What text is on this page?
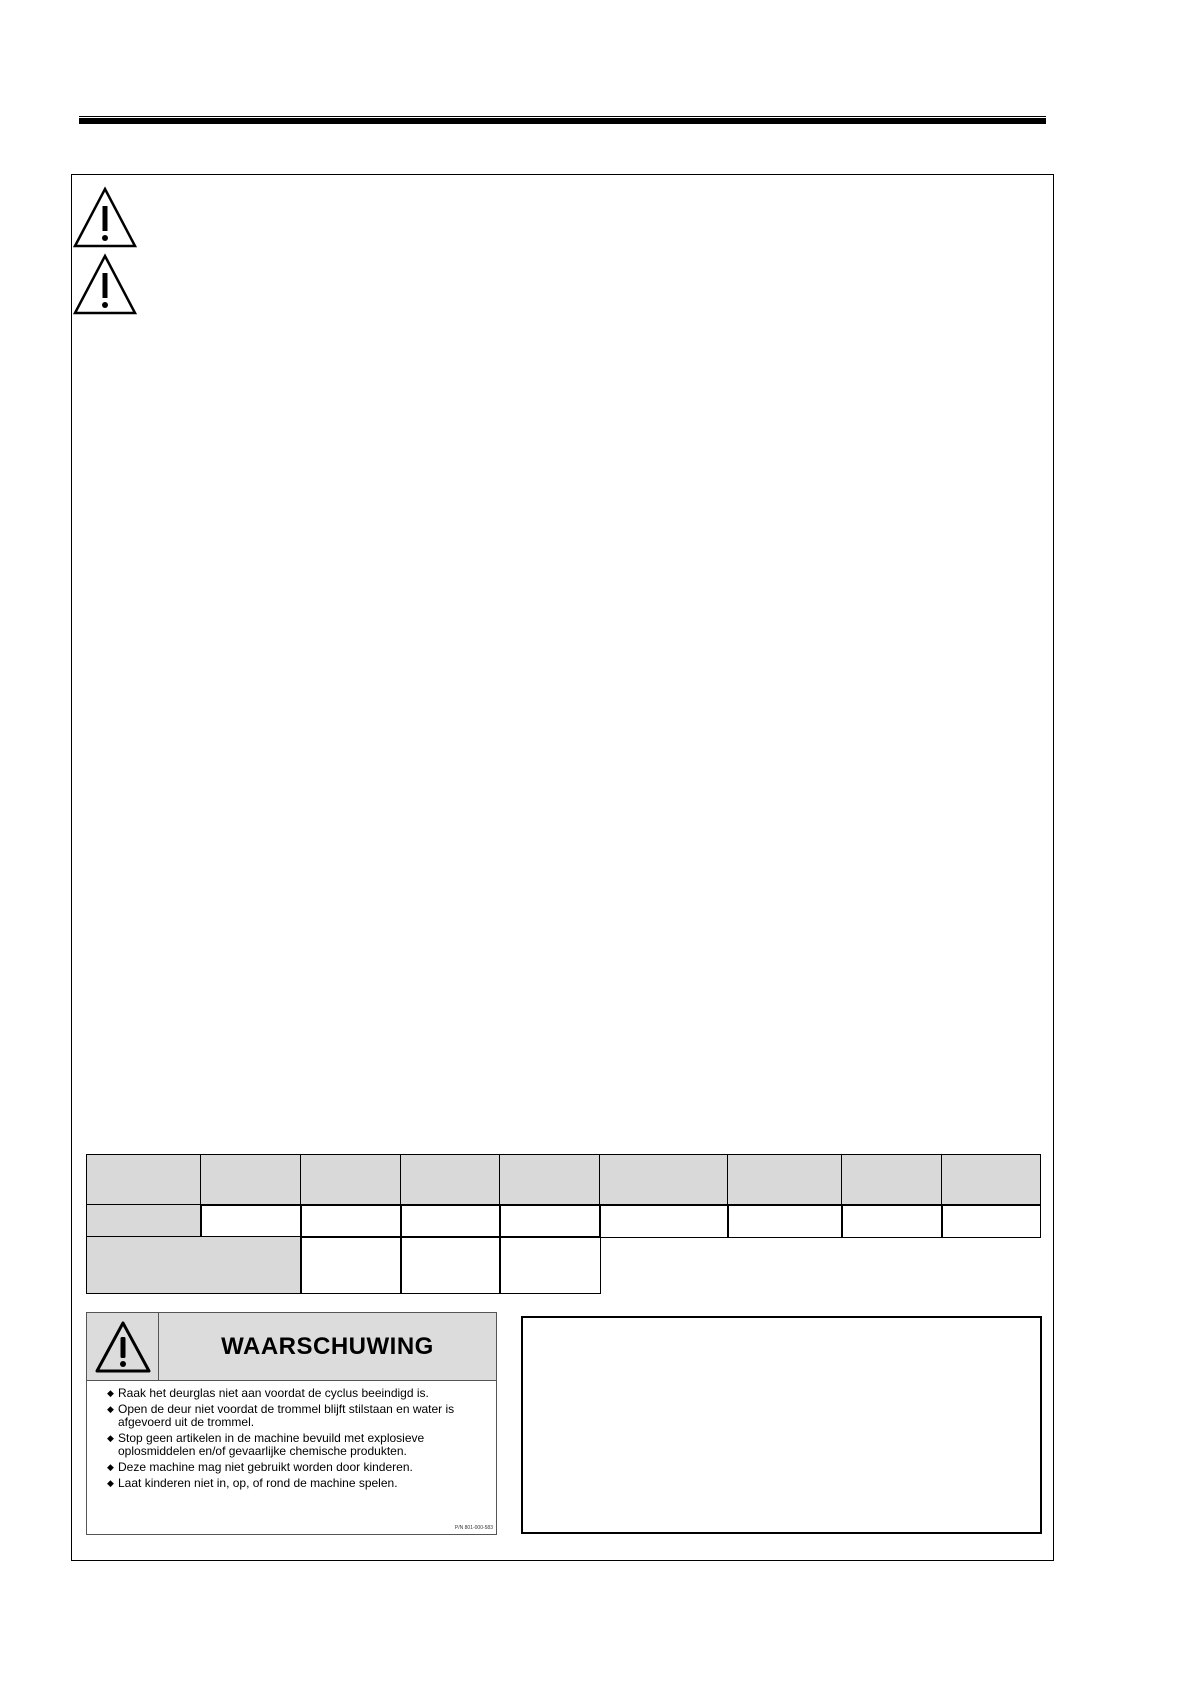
WAARSCHUWING
◆ Raak het deurglas niet aan voordat de cyclus beeindigd is.
◆ Open de deur niet voordat de trommel blijft stilstaan en water is afgevoerd uit de trommel.
◆ Stop geen artikelen in de machine bevuild met explosieve oplosmiddelen en/of gevaarlijke chemische produkten.
◆ Deze machine mag niet gebruikt worden door kinderen.
◆ Laat kinderen niet in, op, of rond de machine spelen.
P/N 801-000-583
